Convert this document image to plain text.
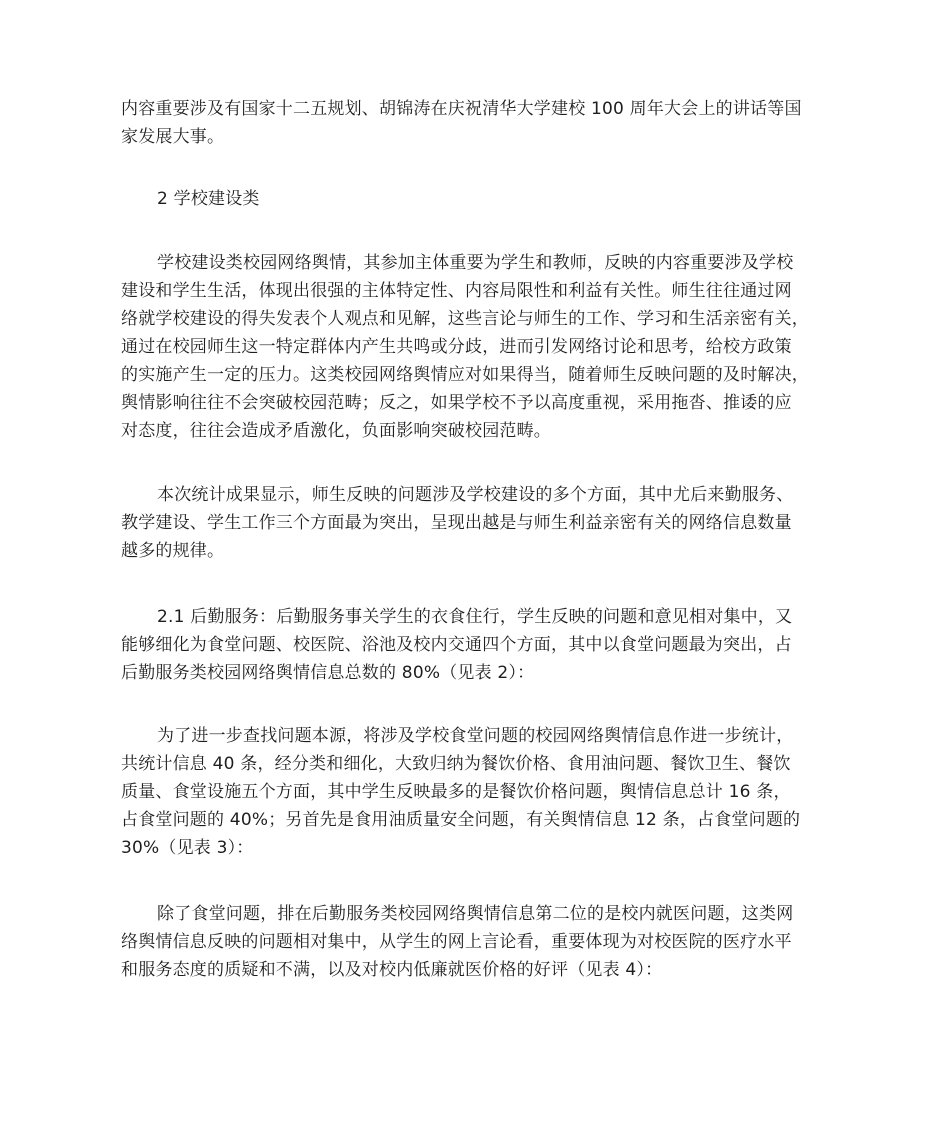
内容重要涉及有国家十二五规划、胡锦涛在庆祝清华大学建校 100 周年大会上的讲话等国
家发展大事。
2 学校建设类
学校建设类校园网络舆情，其参加主体重要为学生和教师，反映的内容重要涉及学校
建设和学生生活，体现出很强的主体特定性、内容局限性和利益有关性。师生往往通过网
络就学校建设的得失发表个人观点和见解，这些言论与师生的工作、学习和生活亲密有关，
通过在校园师生这一特定群体内产生共鸣或分歧，进而引发网络讨论和思考，给校方政策
的实施产生一定的压力。这类校园网络舆情应对如果得当，随着师生反映问题的及时解决，
舆情影响往往不会突破校园范畴；反之，如果学校不予以高度重视，采用拖沓、推诿的应
对态度，往往会造成矛盾激化，负面影响突破校园范畴。
本次统计成果显示，师生反映的问题涉及学校建设的多个方面，其中尤后来勤服务、
教学建设、学生工作三个方面最为突出，呈现出越是与师生利益亲密有关的网络信息数量
越多的规律。
2.1 后勤服务：后勤服务事关学生的衣食住行，学生反映的问题和意见相对集中，又
能够细化为食堂问题、校医院、浴池及校内交通四个方面，其中以食堂问题最为突出，占
后勤服务类校园网络舆情信息总数的 80%（见表 2）：
为了进一步查找问题本源，将涉及学校食堂问题的校园网络舆情信息作进一步统计，
共统计信息 40 条，经分类和细化，大致归纳为餐饮价格、食用油问题、餐饮卫生、餐饮
质量、食堂设施五个方面，其中学生反映最多的是餐饮价格问题，舆情信息总计 16 条，
占食堂问题的 40%；另首先是食用油质量安全问题，有关舆情信息 12 条，占食堂问题的
30%（见表 3）：
除了食堂问题，排在后勤服务类校园网络舆情信息第二位的是校内就医问题，这类网
络舆情信息反映的问题相对集中，从学生的网上言论看，重要体现为对校医院的医疗水平
和服务态度的质疑和不满，以及对校内低廉就医价格的好评（见表 4）：
